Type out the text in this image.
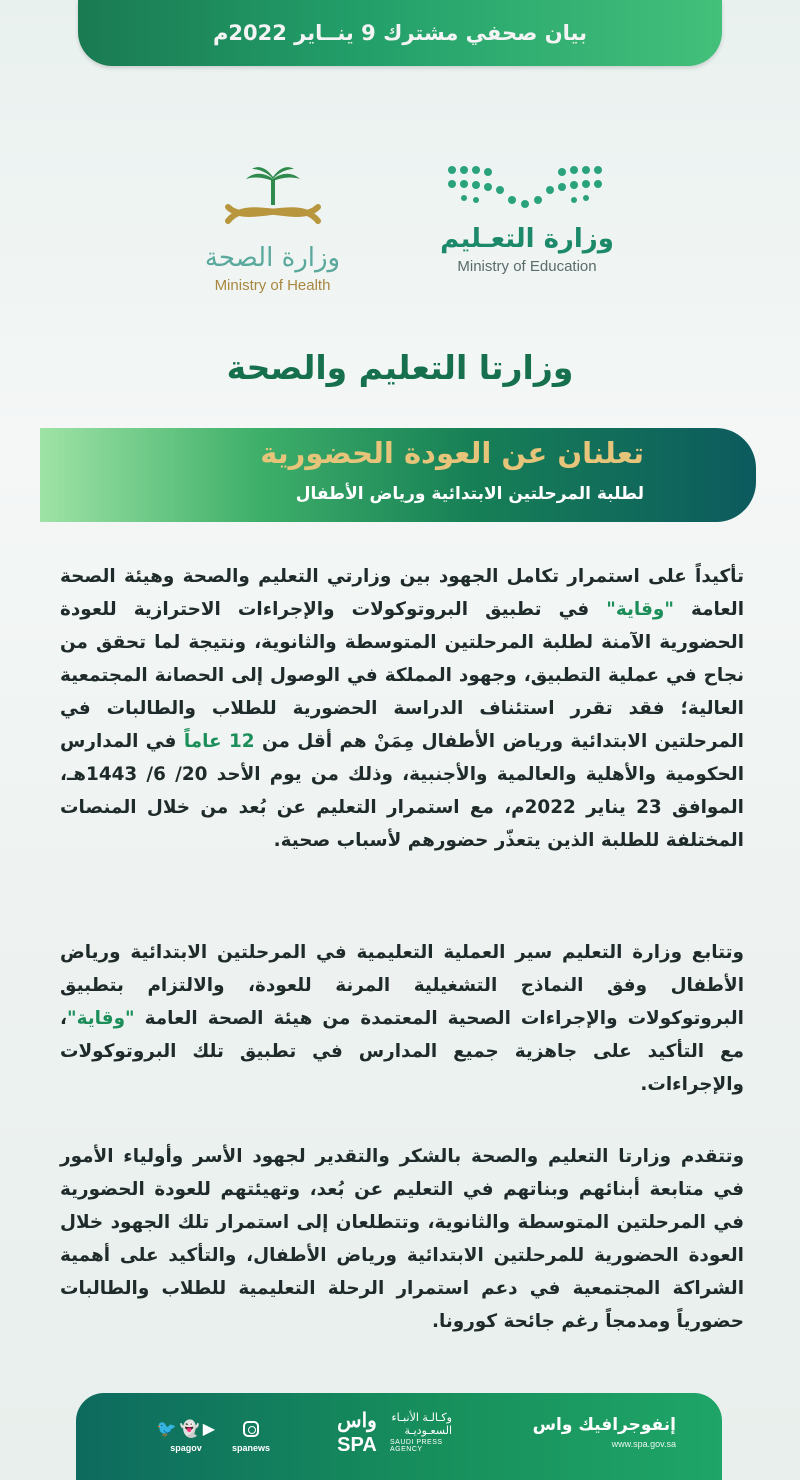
بيان صحفي مشترك 9 ينــاير 2022م
وزارة التعـليم
Ministry of Education
وزارة الصحة
Ministry of Health
وزارتا التعليم والصحة
تعلنان عن العودة الحضورية
لطلبة المرحلتين الابتدائية ورياض الأطفال

تأكيداً على استمرار تكامل الجهود بين وزارتي التعليم والصحة وهيئة الصحة العامة "وقاية" في تطبيق البروتوكولات والإجراءات الاحترازية للعودة الحضورية الآمنة لطلبة المرحلتين المتوسطة والثانوية، ونتيجة لما تحقق من نجاح في عملية التطبيق، وجهود المملكة في الوصول إلى الحصانة المجتمعية العالية؛ فقد تقرر استئناف الدراسة الحضورية للطلاب والطالبات في المرحلتين الابتدائية ورياض الأطفال مِمَنْ هم أقل من 12 عاماً في المدارس الحكومية والأهلية والعالمية والأجنبية، وذلك من يوم الأحد 20/ 6/ 1443هـ، الموافق 23 يناير 2022م، مع استمرار التعليم عن بُعد من خلال المنصات المختلفة للطلبة الذين يتعذّر حضورهم لأسباب صحية.

وتتابع وزارة التعليم سير العملية التعليمية في المرحلتين الابتدائية ورياض الأطفال وفق النماذج التشغيلية المرنة للعودة، والالتزام بتطبيق البروتوكولات والإجراءات الصحية المعتمدة من هيئة الصحة العامة "وقاية"، مع التأكيد على جاهزية جميع المدارس في تطبيق تلك البروتوكولات والإجراءات.

وتتقدم وزارتا التعليم والصحة بالشكر والتقدير لجهود الأسر وأولياء الأمور في متابعة أبنائهم وبناتهم في التعليم عن بُعد، وتهيئتهم للعودة الحضورية في المرحلتين المتوسطة والثانوية، وتتطلعان إلى استمرار تلك الجهود خلال العودة الحضورية للمرحلتين الابتدائية ورياض الأطفال، والتأكيد على أهمية الشراكة المجتمعية في دعم استمرار الرحلة التعليمية للطلاب والطالبات حضورياً ومدمجاً رغم جائحة كورونا.

إنفوجرافيك واس
www.spa.gov.sa
واس SPA
وكـالـة الأنبـاء السعـوديـة
SAUDI PRESS AGENCY
spanews
🐦 👻 ▶
spagov
